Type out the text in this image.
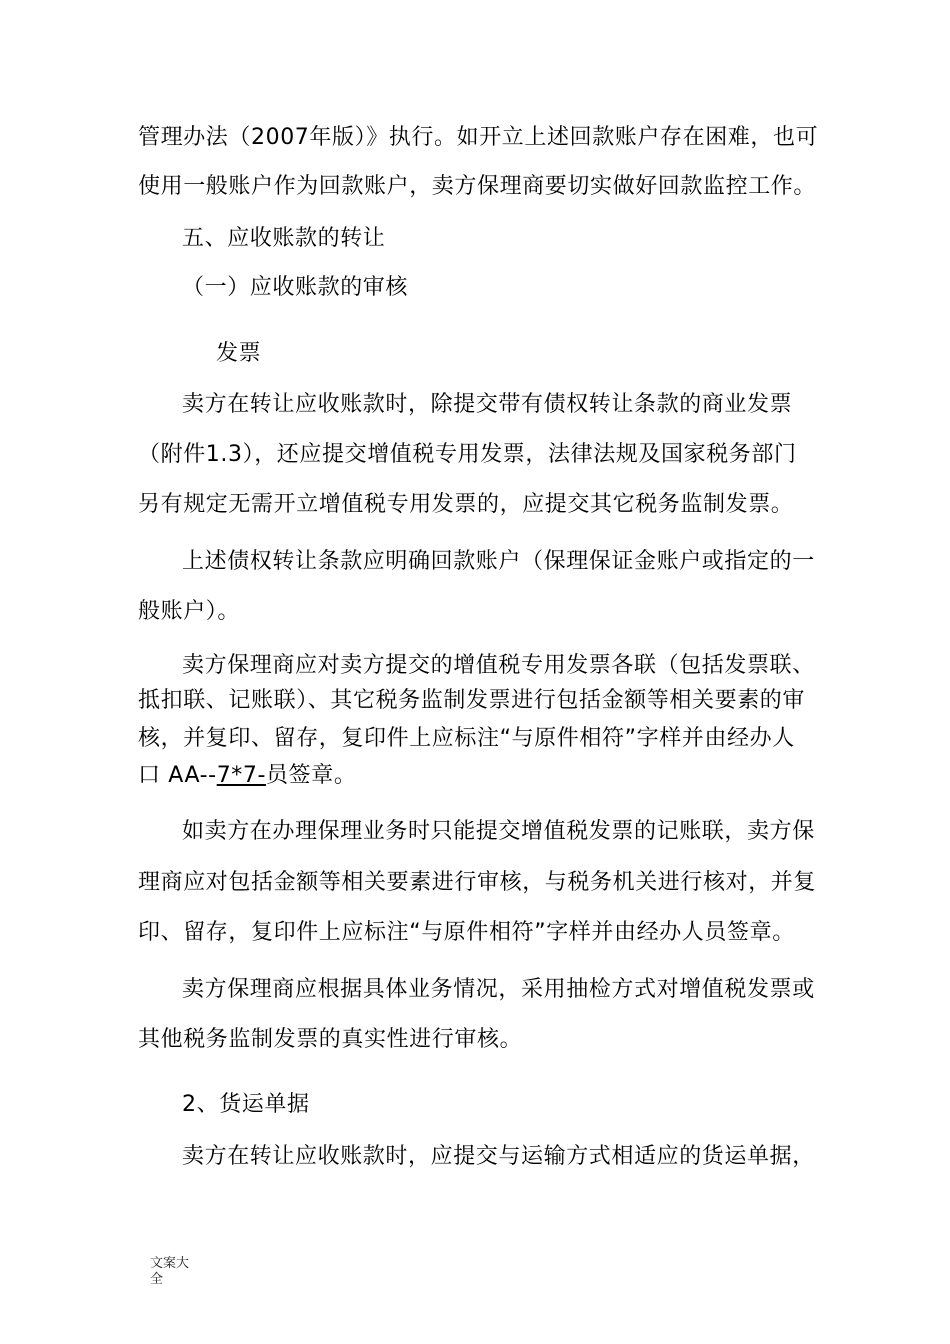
管理办法（2007年版）》执行。如开立上述回款账户存在困难，也可
使用一般账户作为回款账户，卖方保理商要切实做好回款监控工作。
五、应收账款的转让
（一）应收账款的审核
发票
卖方在转让应收账款时，除提交带有债权转让条款的商业发票
（附件1.3），还应提交增值税专用发票，法律法规及国家税务部门
另有规定无需开立增值税专用发票的，应提交其它税务监制发票。
上述债权转让条款应明确回款账户（保理保证金账户或指定的一
般账户）。
卖方保理商应对卖方提交的增值税专用发票各联（包括发票联、
抵扣联、记账联）、其它税务监制发票进行包括金额等相关要素的审
核，并复印、留存，复印件上应标注“与原件相符”字样并由经办人
口 AA--7*7-员签章。
如卖方在办理保理业务时只能提交增值税发票的记账联，卖方保
理商应对包括金额等相关要素进行审核，与税务机关进行核对，并复
印、留存，复印件上应标注“与原件相符”字样并由经办人员签章。
卖方保理商应根据具体业务情况，采用抽检方式对增值税发票或
其他税务监制发票的真实性进行审核。
2、货运单据
卖方在转让应收账款时，应提交与运输方式相适应的货运单据，
文案大全
